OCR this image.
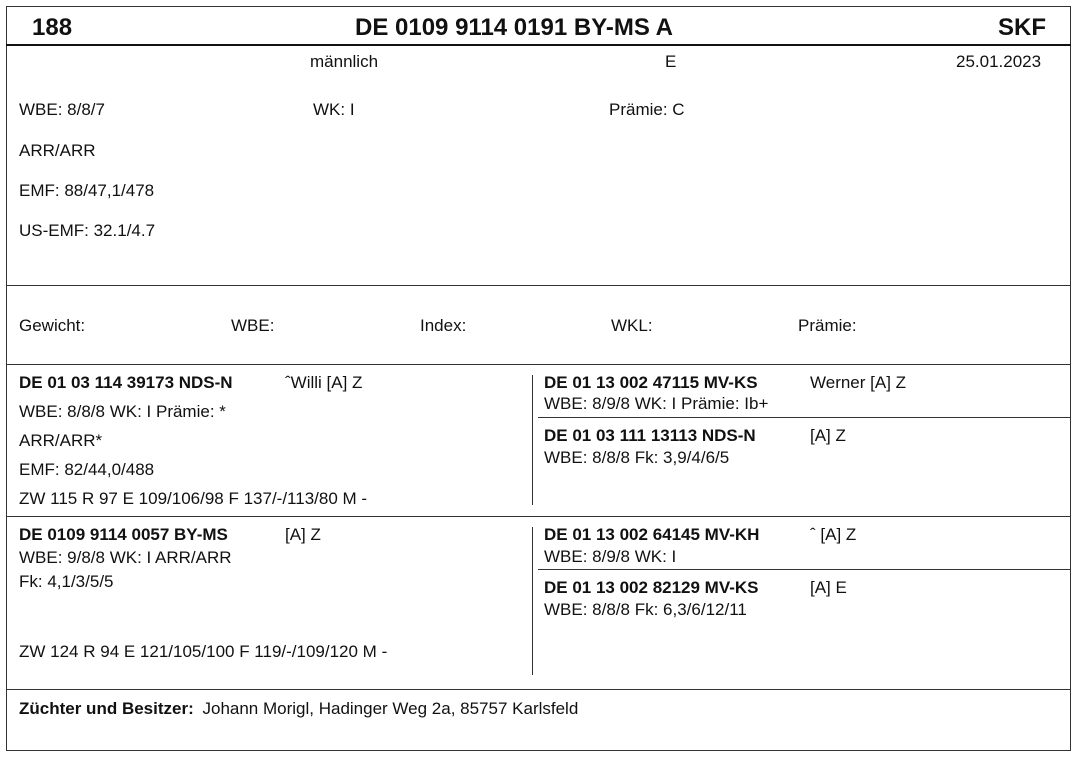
188	DE 0109 9114 0191 BY-MS A	SKF
männlich	E	25.01.2023
WBE: 8/8/7	WK: I	Prämie: C
ARR/ARR
EMF: 88/47,1/478
US-EMF: 32.1/4.7
Gewicht:	WBE:	Index:	WKL:	Prämie:
DE 01 03 114 39173 NDS-N	ˆWilli [A] Z
WBE: 8/8/8 WK: I Prämie: *
ARR/ARR*
EMF: 82/44,0/488
ZW 115 R 97 E 109/106/98 F 137/-/113/80 M -
DE 01 13 002 47115 MV-KS	Werner [A] Z
WBE: 8/9/8 WK: I Prämie: Ib+
DE 01 03 111 13113 NDS-N	[A] Z
WBE: 8/8/8 Fk: 3,9/4/6/5
DE 0109 9114 0057 BY-MS	[A] Z
WBE: 9/8/8 WK: I ARR/ARR
Fk: 4,1/3/5/5
ZW 124 R 94 E 121/105/100 F 119/-/109/120 M -
DE 01 13 002 64145 MV-KH	ˆ [A] Z
WBE: 8/9/8 WK: I
DE 01 13 002 82129 MV-KS	[A] E
WBE: 8/8/8 Fk: 6,3/6/12/11
Züchter und Besitzer: Johann Morigl, Hadinger Weg 2a, 85757 Karlsfeld
